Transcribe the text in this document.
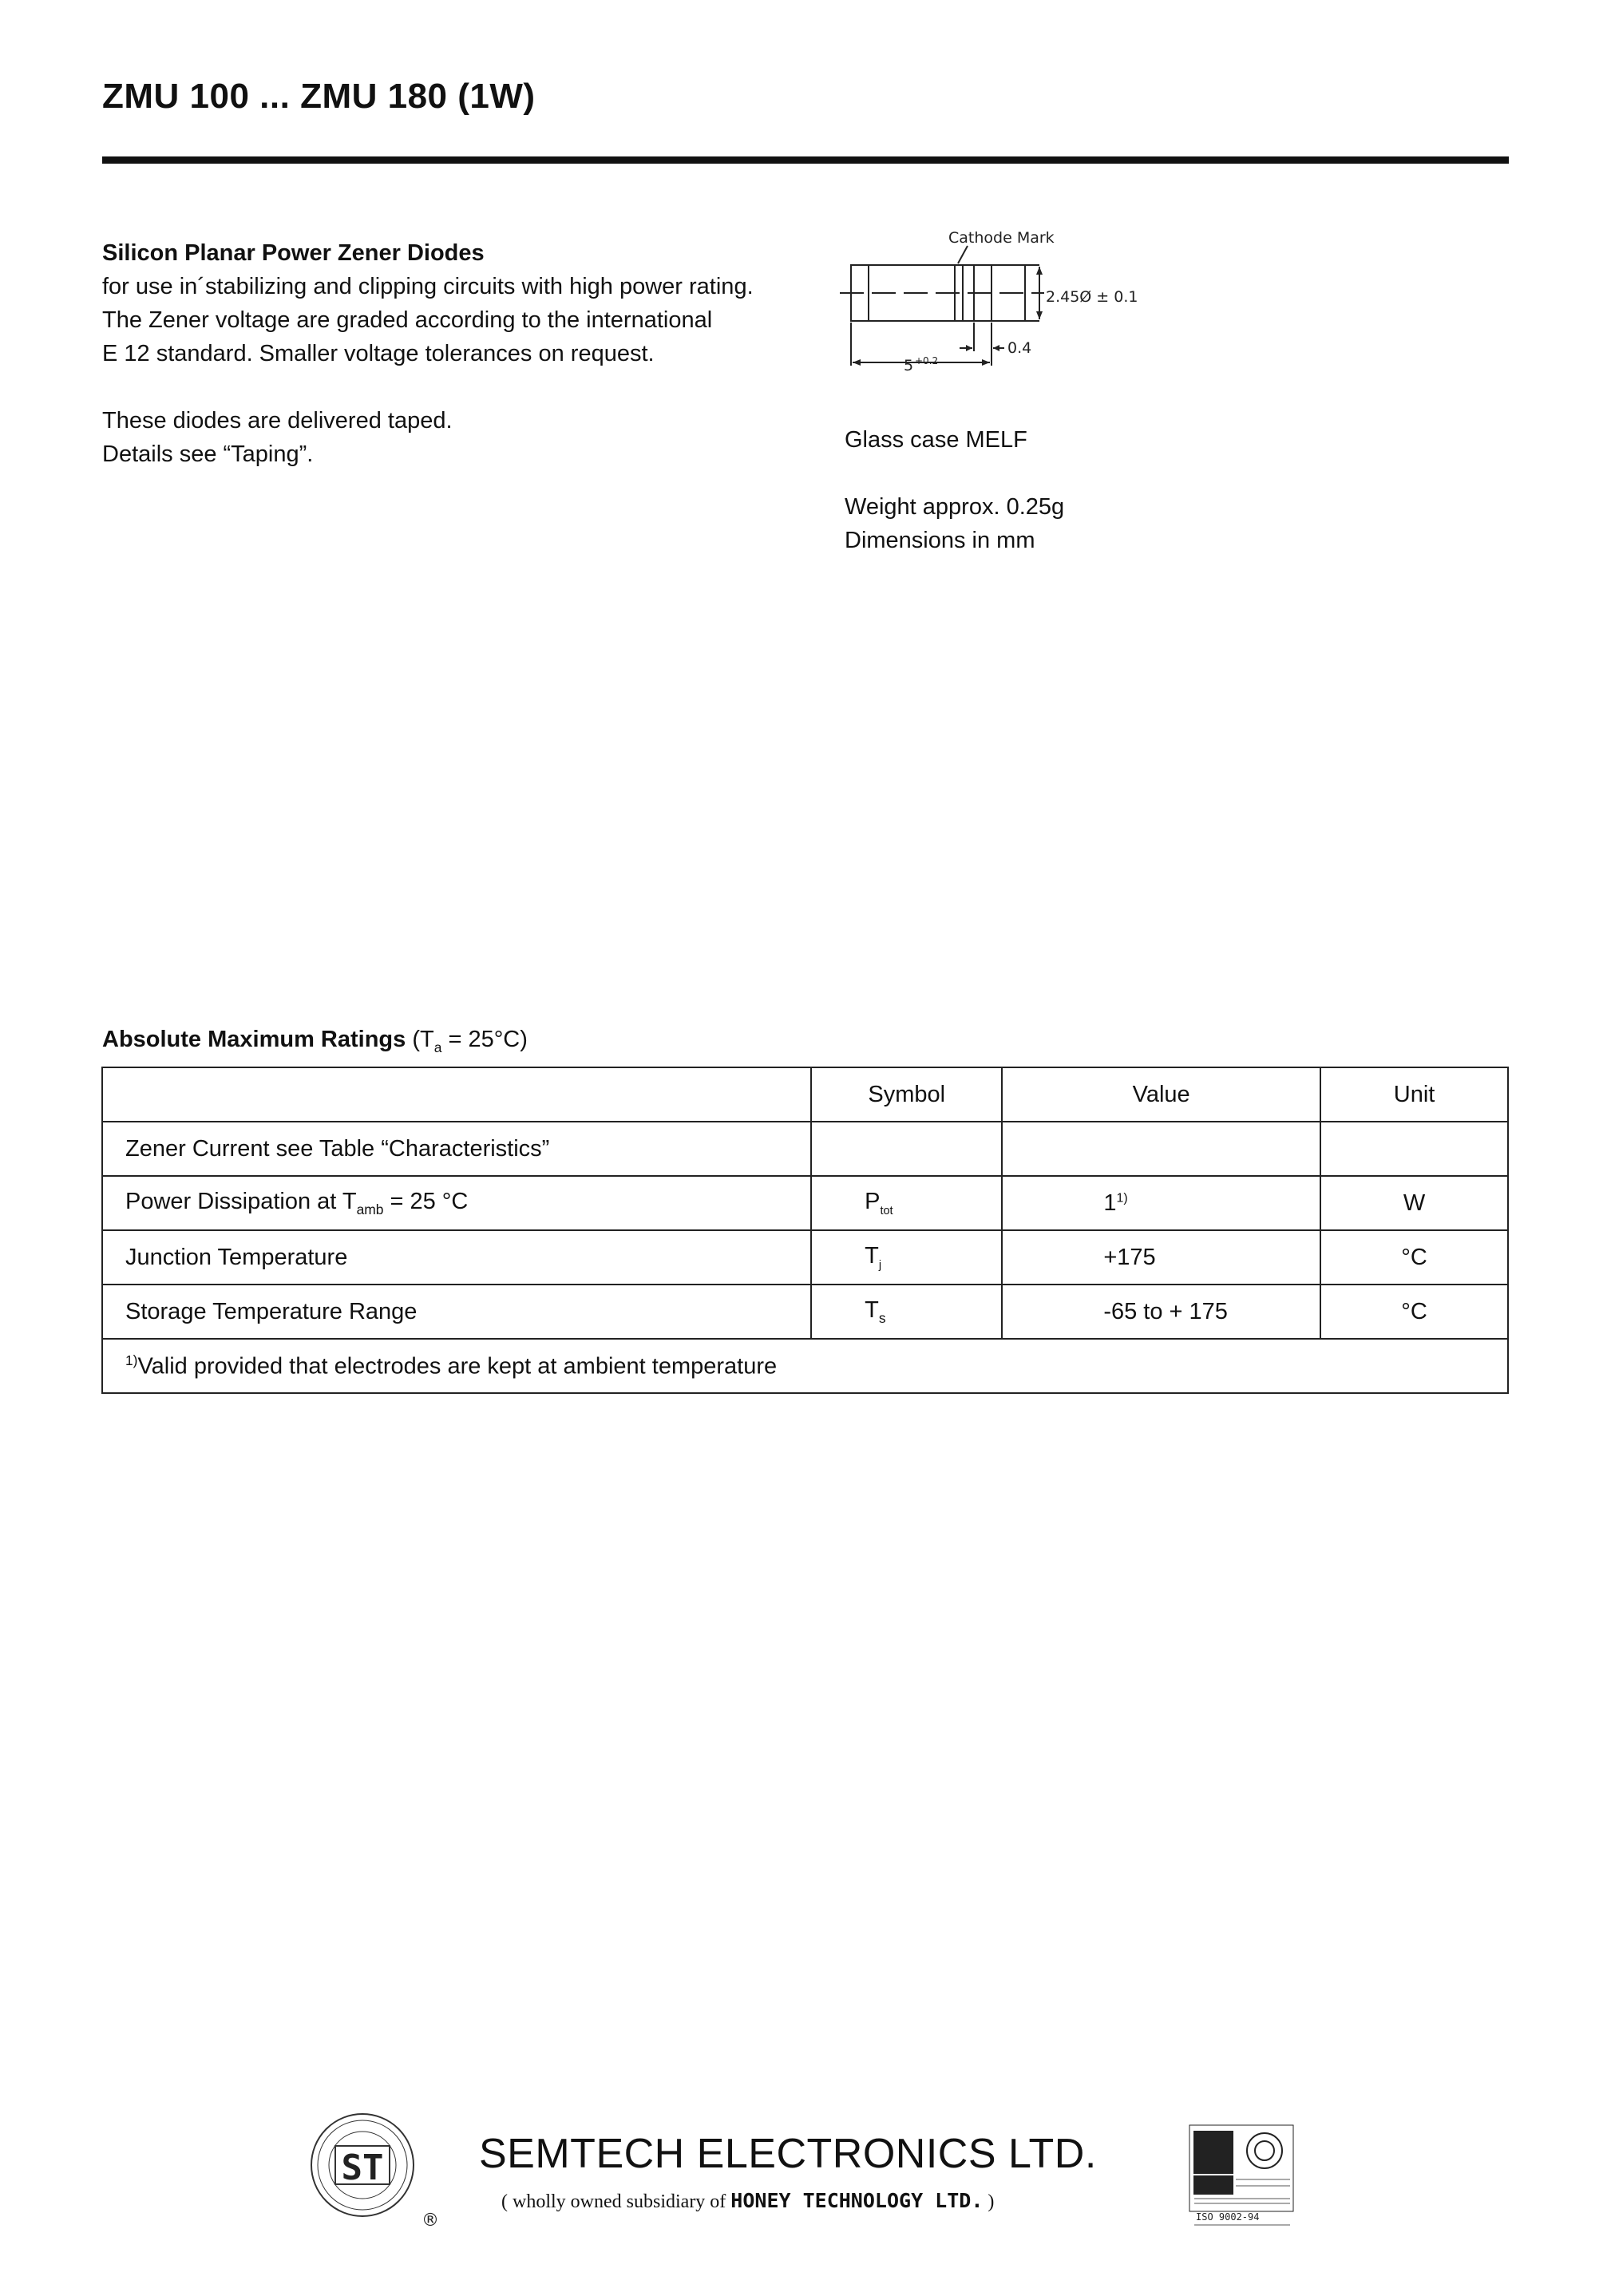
ZMU 100 ... ZMU 180 (1W)

Silicon Planar Power Zener Diodes

for use in´stabilizing and clipping circuits with high power rating.

The Zener voltage are graded according to the international

E 12 standard. Smaller voltage tolerances on request.

These diodes are delivered taped.

Details see “Taping”.

Cathode Mark
2.45Ø ± 0.1
5 +0.2
0.4

Glass case MELF

Weight approx. 0.25g

Dimensions in mm

Absolute Maximum Ratings $(T_a = 25^\circ C)$
	Symbol	Value	Unit
Zener Current see Table “Characteristics”			
Power Dissipation at $T_{amb} = 25$ °C	$P_{tot}$	1$^{1)}$	W
Junction Temperature	$T_j$	+175	°C
Storage Temperature Range	$T_s$	-65 to + 175	°C
$^{1)}$Valid provided that electrodes are kept at ambient temperature			
ST
®
SEMTECH ELECTRONICS LTD.
( wholly owned subsidiary of HONEY TECHNOLOGY LTD. )
ISO 9002-94
